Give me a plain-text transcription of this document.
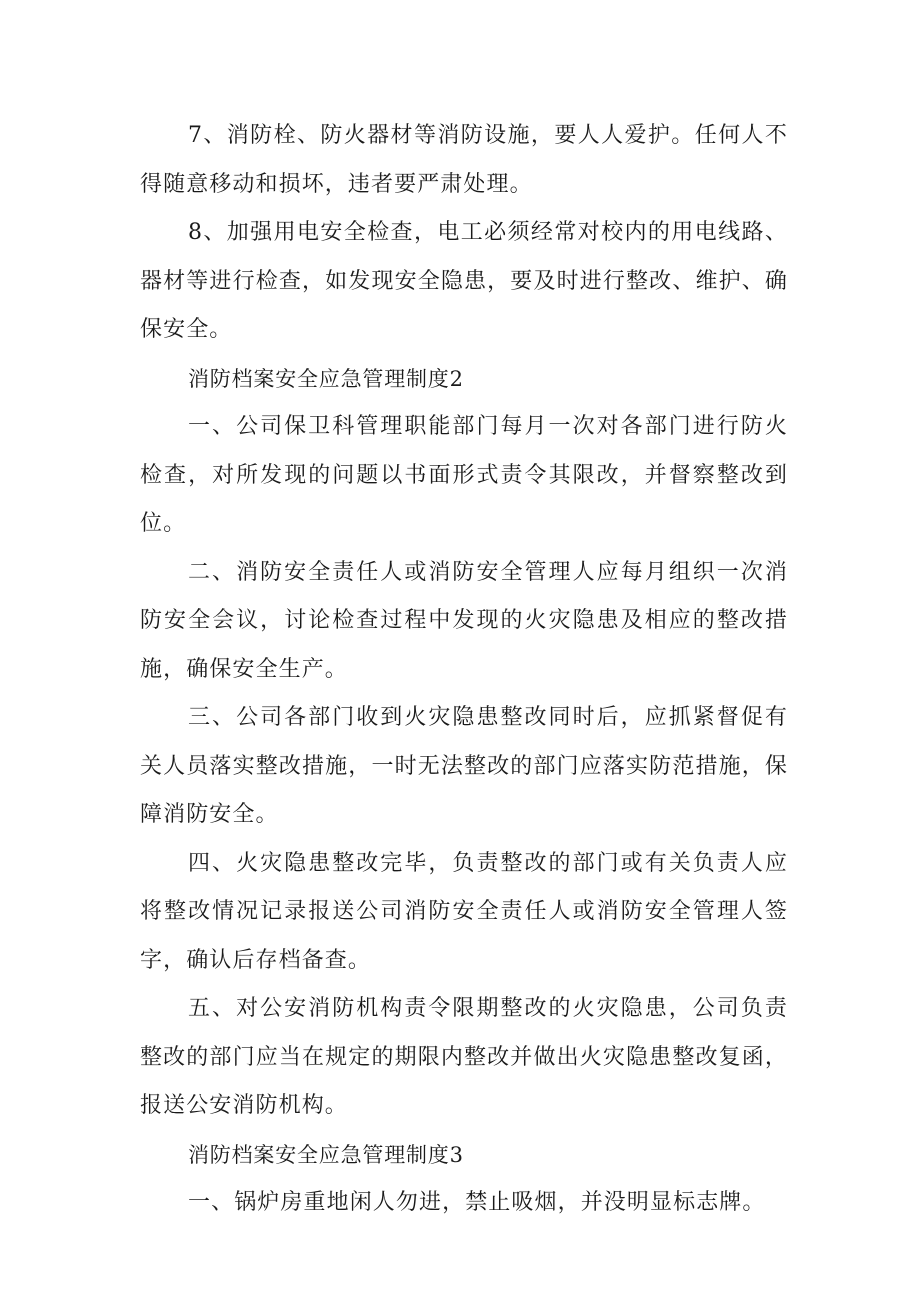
7、消防栓、防火器材等消防设施，要人人爱护。任何人不得随意移动和损坏，违者要严肃处理。

8、加强用电安全检查，电工必须经常对校内的用电线路、器材等进行检查，如发现安全隐患，要及时进行整改、维护、确保安全。

消防档案安全应急管理制度2

一、公司保卫科管理职能部门每月一次对各部门进行防火检查，对所发现的问题以书面形式责令其限改，并督察整改到位。

二、消防安全责任人或消防安全管理人应每月组织一次消防安全会议，讨论检查过程中发现的火灾隐患及相应的整改措施，确保安全生产。

三、公司各部门收到火灾隐患整改同时后，应抓紧督促有关人员落实整改措施，一时无法整改的部门应落实防范措施，保障消防安全。

四、火灾隐患整改完毕，负责整改的部门或有关负责人应将整改情况记录报送公司消防安全责任人或消防安全管理人签字，确认后存档备查。

五、对公安消防机构责令限期整改的火灾隐患，公司负责整改的部门应当在规定的期限内整改并做出火灾隐患整改复函，报送公安消防机构。

消防档案安全应急管理制度3

一、锅炉房重地闲人勿进，禁止吸烟，并没明显标志牌。
